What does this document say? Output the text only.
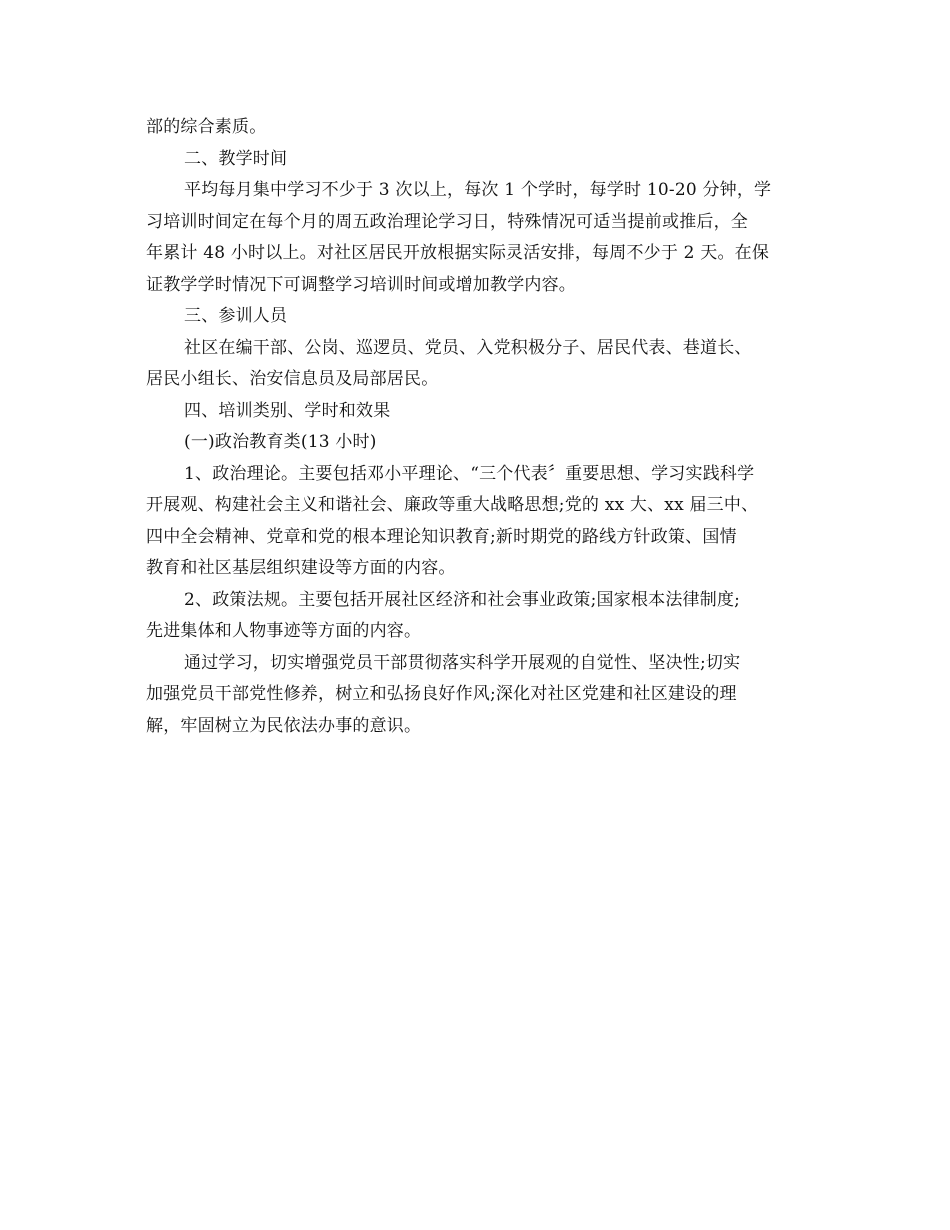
部的综合素质。

二、教学时间

平均每月集中学习不少于 3 次以上，每次 1 个学时，每学时 10-20 分钟，学

习培训时间定在每个月的周五政治理论学习日，特殊情况可适当提前或推后，全

年累计 48 小时以上。对社区居民开放根据实际灵活安排，每周不少于 2 天。在保

证教学学时情况下可调整学习培训时间或增加教学内容。

三、参训人员

社区在编干部、公岗、巡逻员、党员、入党积极分子、居民代表、巷道长、

居民小组长、治安信息员及局部居民。

四、培训类别、学时和效果

(一)政治教育类(13 小时)

1、政治理论。主要包括邓小平理论、“三个代表〞重要思想、学习实践科学

开展观、构建社会主义和谐社会、廉政等重大战略思想;党的 xx 大、xx 届三中、

四中全会精神、党章和党的根本理论知识教育;新时期党的路线方针政策、国情

教育和社区基层组织建设等方面的内容。

2、政策法规。主要包括开展社区经济和社会事业政策;国家根本法律制度;

先进集体和人物事迹等方面的内容。

通过学习，切实增强党员干部贯彻落实科学开展观的自觉性、坚决性;切实

加强党员干部党性修养，树立和弘扬良好作风;深化对社区党建和社区建设的理

解，牢固树立为民依法办事的意识。
